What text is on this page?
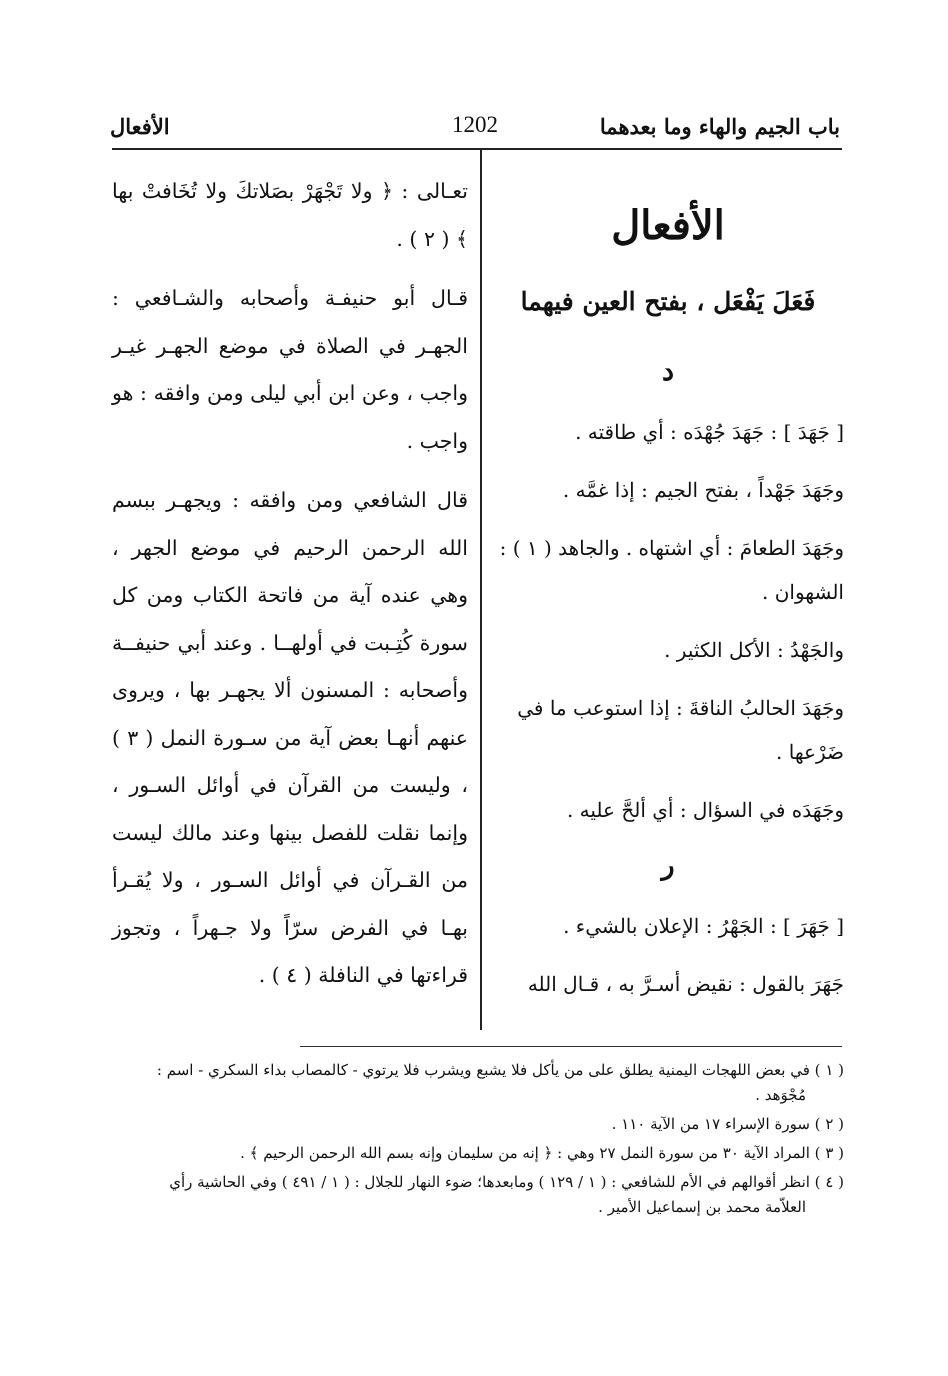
باب الجيم والهاء وما بعدهما
1202
الأفعال
الأفعال
فَعَلَ يَفْعَل ، بفتح العين فيهما
د

[ جَهَدَ ] : جَهَدَ جُهْدَه : أي طاقته .

وجَهَدَ جَهْداً ، بفتح الجيم : إذا غمَّه .

وجَهَدَ الطعامَ : أي اشتهاه . والجاهد ( ١ ) : الشهوان .

والجَهْدُ : الأكل الكثير .

وجَهَدَ الحالبُ الناقةَ : إذا استوعب ما في ضَرْعها .

وجَهَدَه في السؤال : أي ألحَّ عليه .

ر

[ جَهَرَ ] : الجَهْرُ : الإعلان بالشيء .

جَهَرَ بالقول : نقيض أسـرَّ به ، قـال الله

تعـالى : ﴿ ولا تَجْهَرْ بصَلاتكَ ولا تُخَافتْ بها ﴾ ( ٢ ) .

قـال أبو حنيفـة وأصحابه والشـافعي : الجهـر في الصلاة في موضع الجهـر غيـر واجب ، وعن ابن أبي ليلى ومن وافقه : هو واجب .

قال الشافعي ومن وافقه : ويجهـر ببسم الله الرحمن الرحيم في موضع الجهر ، وهي عنده آية من فاتحة الكتاب ومن كل سورة كُتِـبت في أولهــا . وعند أبي حنيفــة وأصحابه : المسنون ألا يجهـر بها ، ويروى عنهم أنهـا بعض آية من سـورة النمل ( ٣ ) ، وليست من القرآن في أوائل السـور ، وإنما نقلت للفصل بينها وعند مالك ليست من القـرآن في أوائل السـور ، ولا يُقـرأ بهـا في الفرض سرّاً ولا جـهراً ، وتجوز قراءتها في النافلة ( ٤ ) .

( ١ ) في بعض اللهجات اليمنية يطلق على من يأكل فلا يشبع ويشرب فلا يرتوي - كالمصاب بداء السكري - اسم :
مُجْوَهد .
( ٢ ) سورة الإسراء ١٧ من الآية ١١٠ .
( ٣ ) المراد الآية ٣٠ من سورة النمل ٢٧ وهي : ﴿ إنه من سليمان وإنه بسم الله الرحمن الرحيم ﴾ .
( ٤ ) انظر أقوالهم في الأم للشافعي : ( ١ / ١٢٩ ) ومابعدها؛ ضوء النهار للجلال : ( ١ / ٤٩١ ) وفي الحاشية رأي
العلاّمة محمد بن إسماعيل الأمير .
